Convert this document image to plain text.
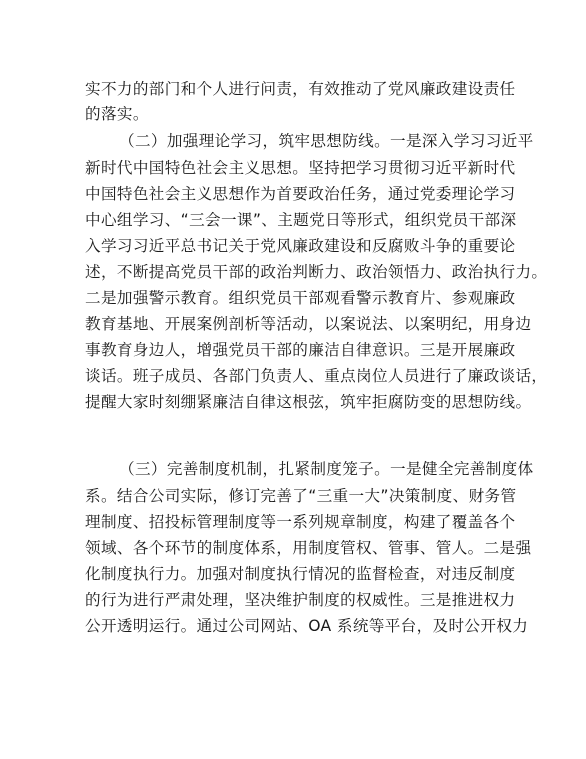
实不力的部门和个人进行问责，有效推动了党风廉政建设责任
的落实。
（二）加强理论学习，筑牢思想防线。一是深入学习习近平
新时代中国特色社会主义思想。坚持把学习贯彻习近平新时代
中国特色社会主义思想作为首要政治任务，通过党委理论学习
中心组学习、“三会一课”、主题党日等形式，组织党员干部深
入学习习近平总书记关于党风廉政建设和反腐败斗争的重要论
述，不断提高党员干部的政治判断力、政治领悟力、政治执行力。
二是加强警示教育。组织党员干部观看警示教育片、参观廉政
教育基地、开展案例剖析等活动，以案说法、以案明纪，用身边
事教育身边人，增强党员干部的廉洁自律意识。三是开展廉政
谈话。班子成员、各部门负责人、重点岗位人员进行了廉政谈话，
提醒大家时刻绷紧廉洁自律这根弦，筑牢拒腐防变的思想防线。
（三）完善制度机制，扎紧制度笼子。一是健全完善制度体
系。结合公司实际，修订完善了“三重一大”决策制度、财务管
理制度、招投标管理制度等一系列规章制度，构建了覆盖各个
领域、各个环节的制度体系，用制度管权、管事、管人。二是强
化制度执行力。加强对制度执行情况的监督检查，对违反制度
的行为进行严肃处理，坚决维护制度的权威性。三是推进权力
公开透明运行。通过公司网站、OA 系统等平台，及时公开权力
